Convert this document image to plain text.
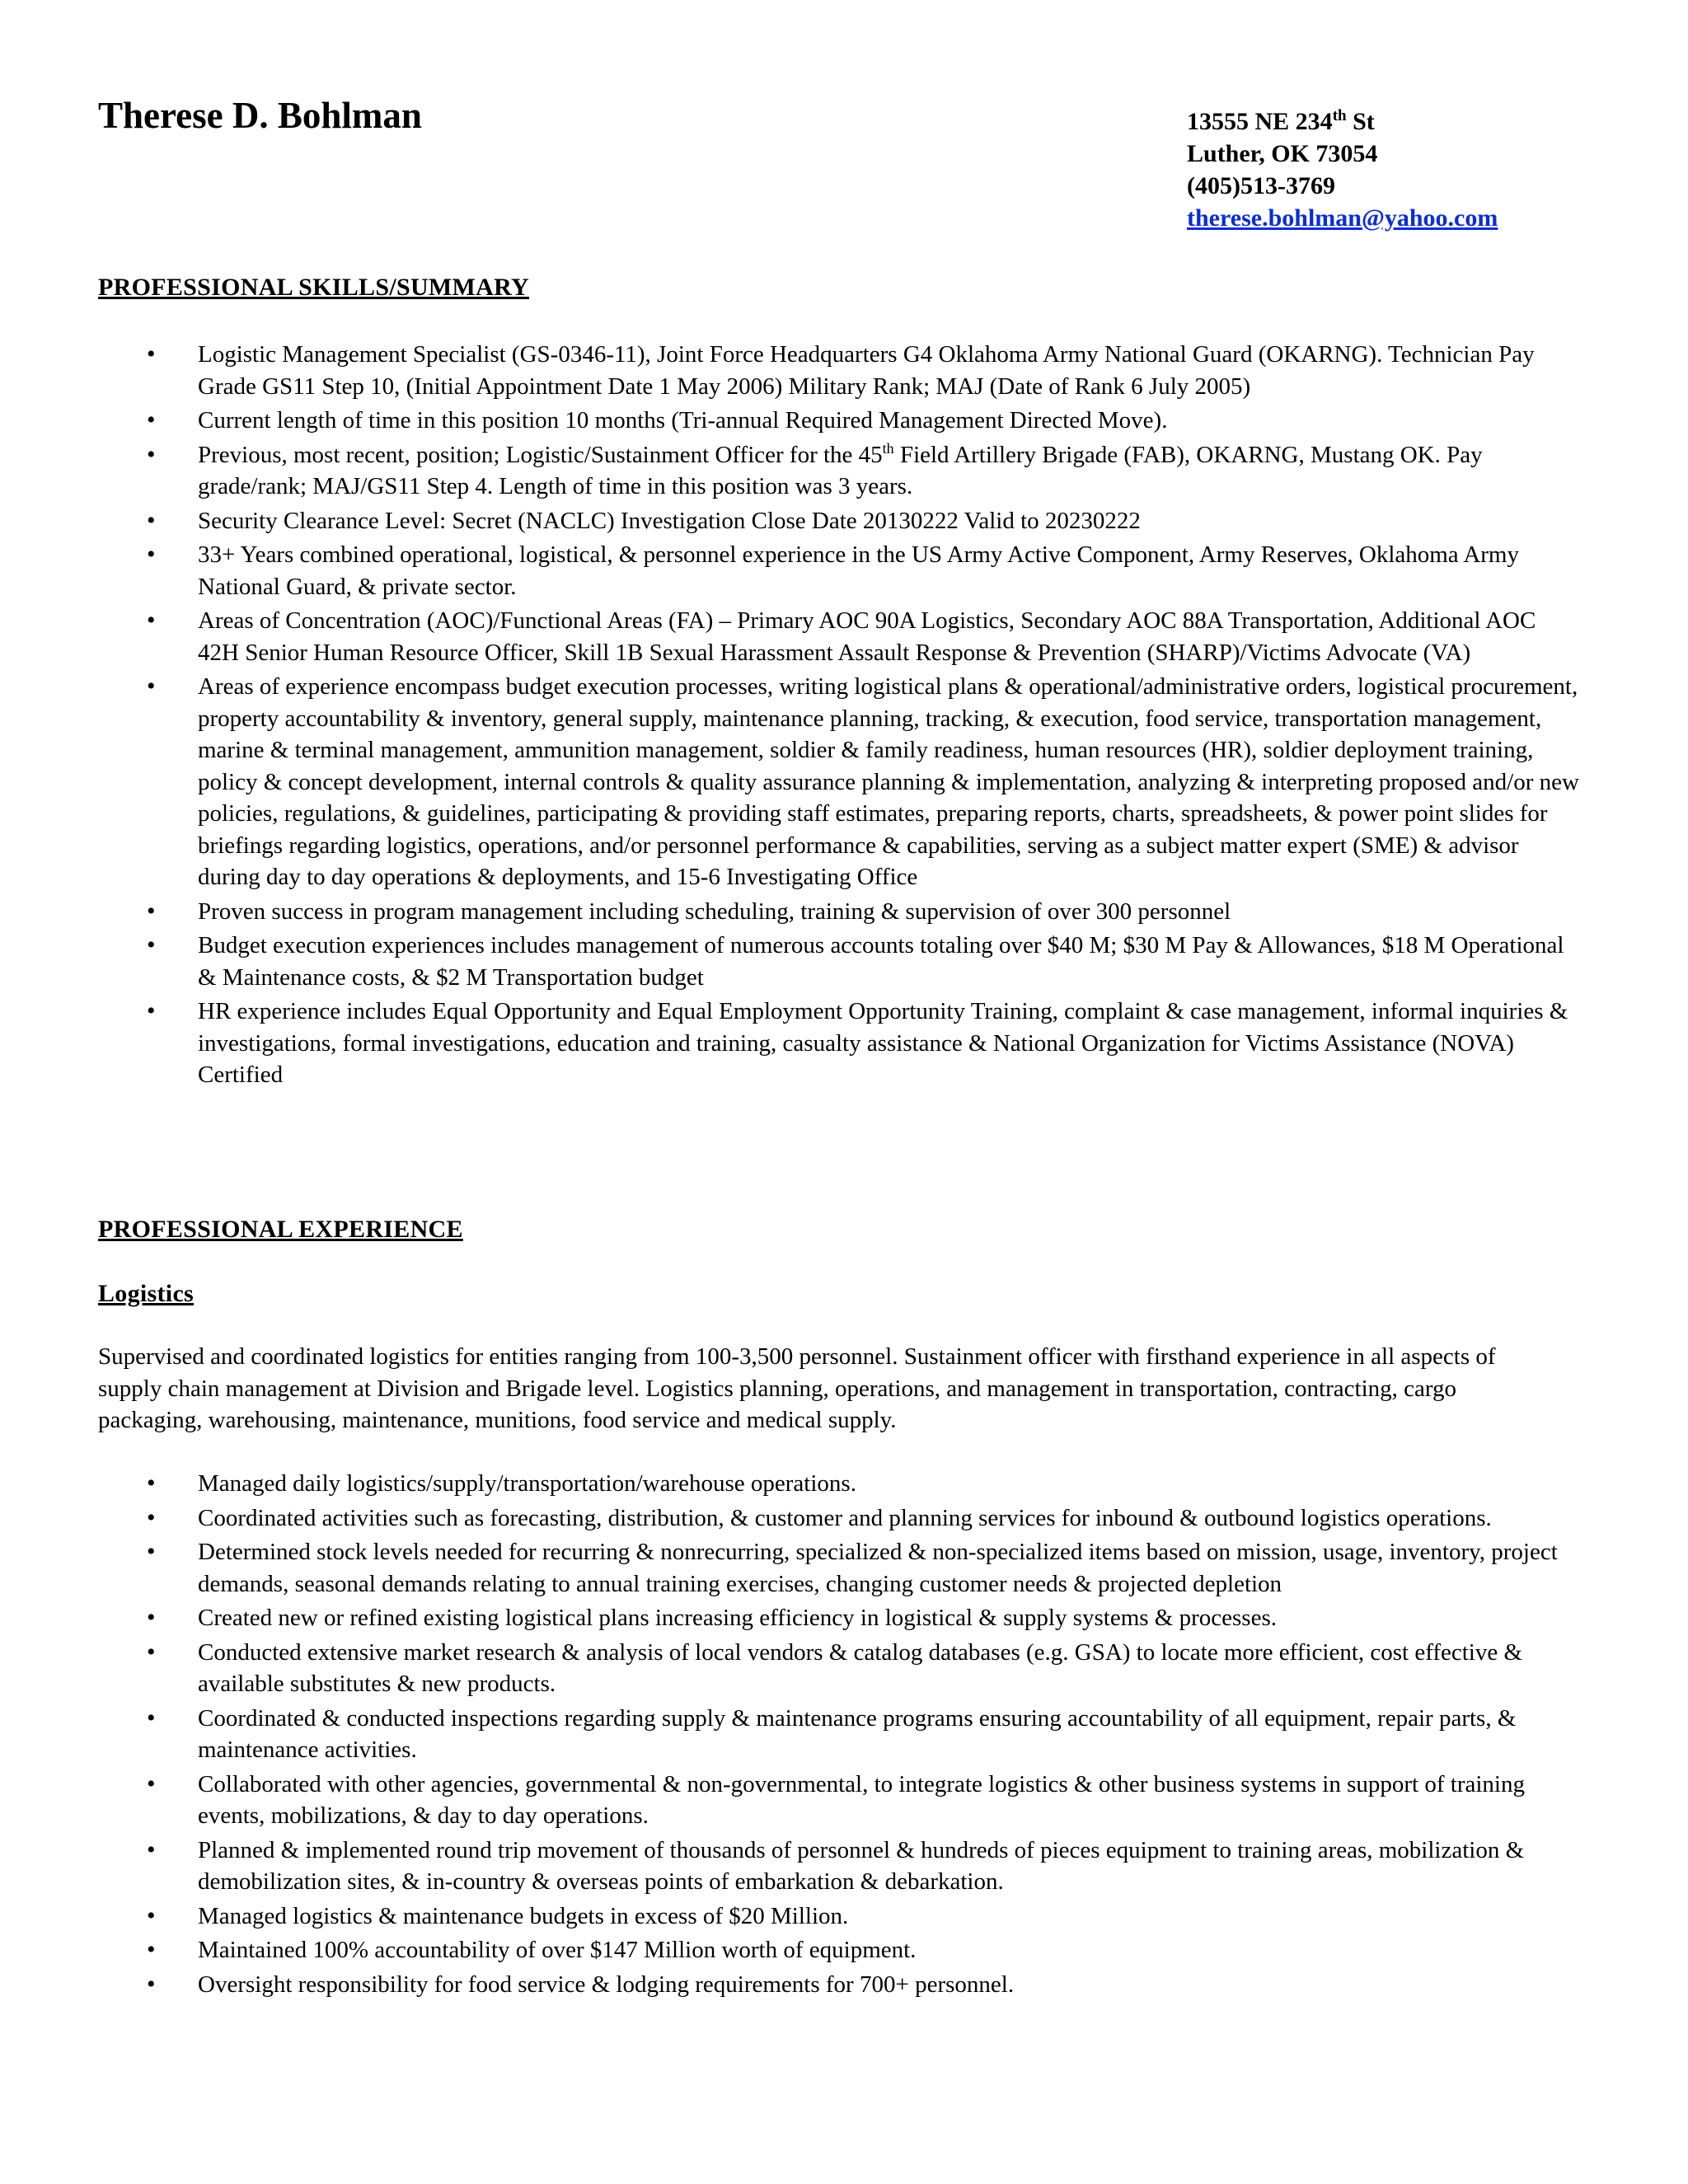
Therese D. Bohlman	13555 NE 234th St
Luther, OK 73054
(405)513-3769
therese.bohlman@yahoo.com
PROFESSIONAL SKILLS/SUMMARY
• Logistic Management Specialist (GS-0346-11), Joint Force Headquarters G4 Oklahoma Army National Guard (OKARNG). Technician Pay Grade GS11 Step 10, (Initial Appointment Date 1 May 2006) Military Rank; MAJ (Date of Rank 6 July 2005)
• Current length of time in this position 10 months (Tri-annual Required Management Directed Move).
• Previous, most recent, position; Logistic/Sustainment Officer for the 45th Field Artillery Brigade (FAB), OKARNG, Mustang OK. Pay grade/rank; MAJ/GS11 Step 4. Length of time in this position was 3 years.
• Security Clearance Level: Secret (NACLC) Investigation Close Date 20130222 Valid to 20230222
• 33+ Years combined operational, logistical, & personnel experience in the US Army Active Component, Army Reserves, Oklahoma Army National Guard, & private sector.
• Areas of Concentration (AOC)/Functional Areas (FA) – Primary AOC 90A Logistics, Secondary AOC 88A Transportation, Additional AOC 42H Senior Human Resource Officer, Skill 1B Sexual Harassment Assault Response & Prevention (SHARP)/Victims Advocate (VA)
• Areas of experience encompass budget execution processes, writing logistical plans & operational/administrative orders, logistical procurement, property accountability & inventory, general supply, maintenance planning, tracking, & execution, food service, transportation management, marine & terminal management, ammunition management, soldier & family readiness, human resources (HR), soldier deployment training, policy & concept development, internal controls & quality assurance planning & implementation, analyzing & interpreting proposed and/or new policies, regulations, & guidelines, participating & providing staff estimates, preparing reports, charts, spreadsheets, & power point slides for briefings regarding logistics, operations, and/or personnel performance & capabilities, serving as a subject matter expert (SME) & advisor during day to day operations & deployments, and 15-6 Investigating Office
• Proven success in program management including scheduling, training & supervision of over 300 personnel
• Budget execution experiences includes management of numerous accounts totaling over $40 M; $30 M Pay & Allowances, $18 M Operational & Maintenance costs, & $2 M Transportation budget
• HR experience includes Equal Opportunity and Equal Employment Opportunity Training, complaint & case management, informal inquiries & investigations, formal investigations, education and training, casualty assistance & National Organization for Victims Assistance (NOVA) Certified
PROFESSIONAL EXPERIENCE
Logistics

Supervised and coordinated logistics for entities ranging from 100-3,500 personnel. Sustainment officer with firsthand experience in all aspects of supply chain management at Division and Brigade level. Logistics planning, operations, and management in transportation, contracting, cargo packaging, warehousing, maintenance, munitions, food service and medical supply.

• Managed daily logistics/supply/transportation/warehouse operations.
• Coordinated activities such as forecasting, distribution, & customer and planning services for inbound & outbound logistics operations.
• Determined stock levels needed for recurring & nonrecurring, specialized & non-specialized items based on mission, usage, inventory, project demands, seasonal demands relating to annual training exercises, changing customer needs & projected depletion
• Created new or refined existing logistical plans increasing efficiency in logistical & supply systems & processes.
• Conducted extensive market research & analysis of local vendors & catalog databases (e.g. GSA) to locate more efficient, cost effective & available substitutes & new products.
• Coordinated & conducted inspections regarding supply & maintenance programs ensuring accountability of all equipment, repair parts, & maintenance activities.
• Collaborated with other agencies, governmental & non-governmental, to integrate logistics & other business systems in support of training events, mobilizations, & day to day operations.
• Planned & implemented round trip movement of thousands of personnel & hundreds of pieces equipment to training areas, mobilization & demobilization sites, & in-country & overseas points of embarkation & debarkation.
• Managed logistics & maintenance budgets in excess of $20 Million.
• Maintained 100% accountability of over $147 Million worth of equipment.
• Oversight responsibility for food service & lodging requirements for 700+ personnel.
